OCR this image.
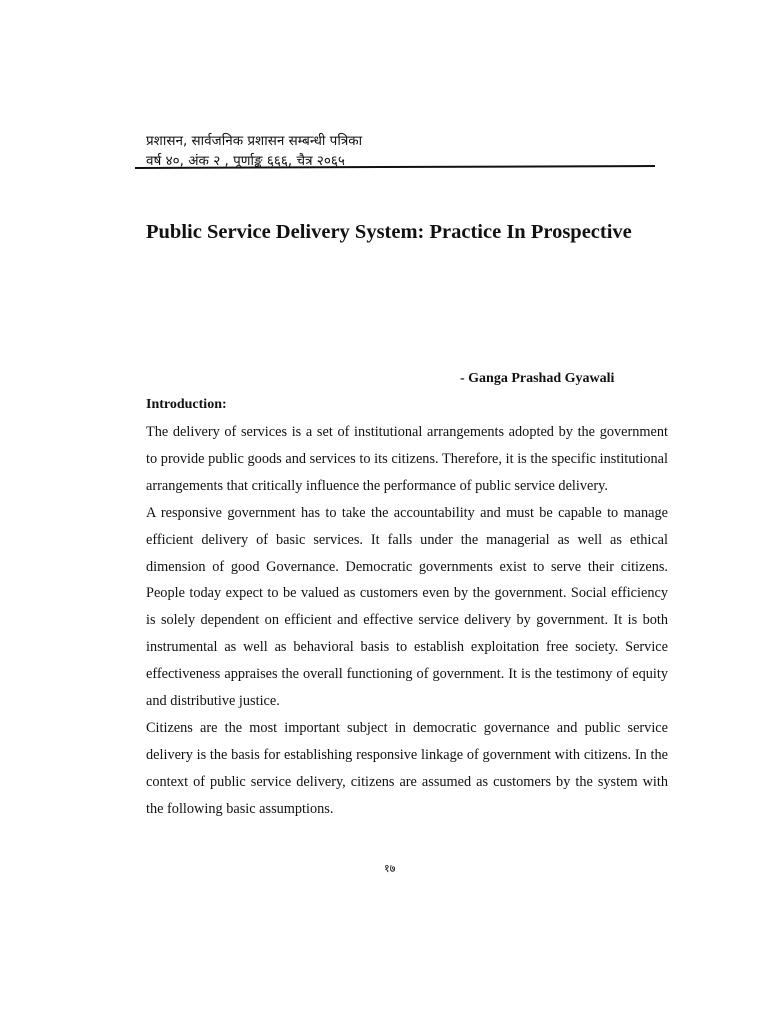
प्रशासन, सार्वजनिक प्रशासन सम्बन्धी पत्रिका
वर्ष ४०, अंक २ , पूर्णाङ्क ६६६, चैत्र २०६५
Public Service Delivery System: Practice In Prospective
- Ganga Prashad Gyawali
Introduction:

The delivery of services is a set of institutional arrangements adopted by the government to provide public goods and services to its citizens. Therefore, it is the specific institutional arrangements that critically influence the performance of public service delivery.

A responsive government has to take the accountability and must be capable to manage efficient delivery of basic services. It falls under the managerial as well as ethical dimension of good Governance. Democratic governments exist to serve their citizens. People today expect to be valued as customers even by the government. Social efficiency is solely dependent on efficient and effective service delivery by government. It is both instrumental as well as behavioral basis to establish exploitation free society. Service effectiveness appraises the overall functioning of government. It is the testimony of equity and distributive justice.

Citizens are the most important subject in democratic governance and public service delivery is the basis for establishing responsive linkage of government with citizens. In the context of public service delivery, citizens are assumed as customers by the system with the following basic assumptions.

१७
